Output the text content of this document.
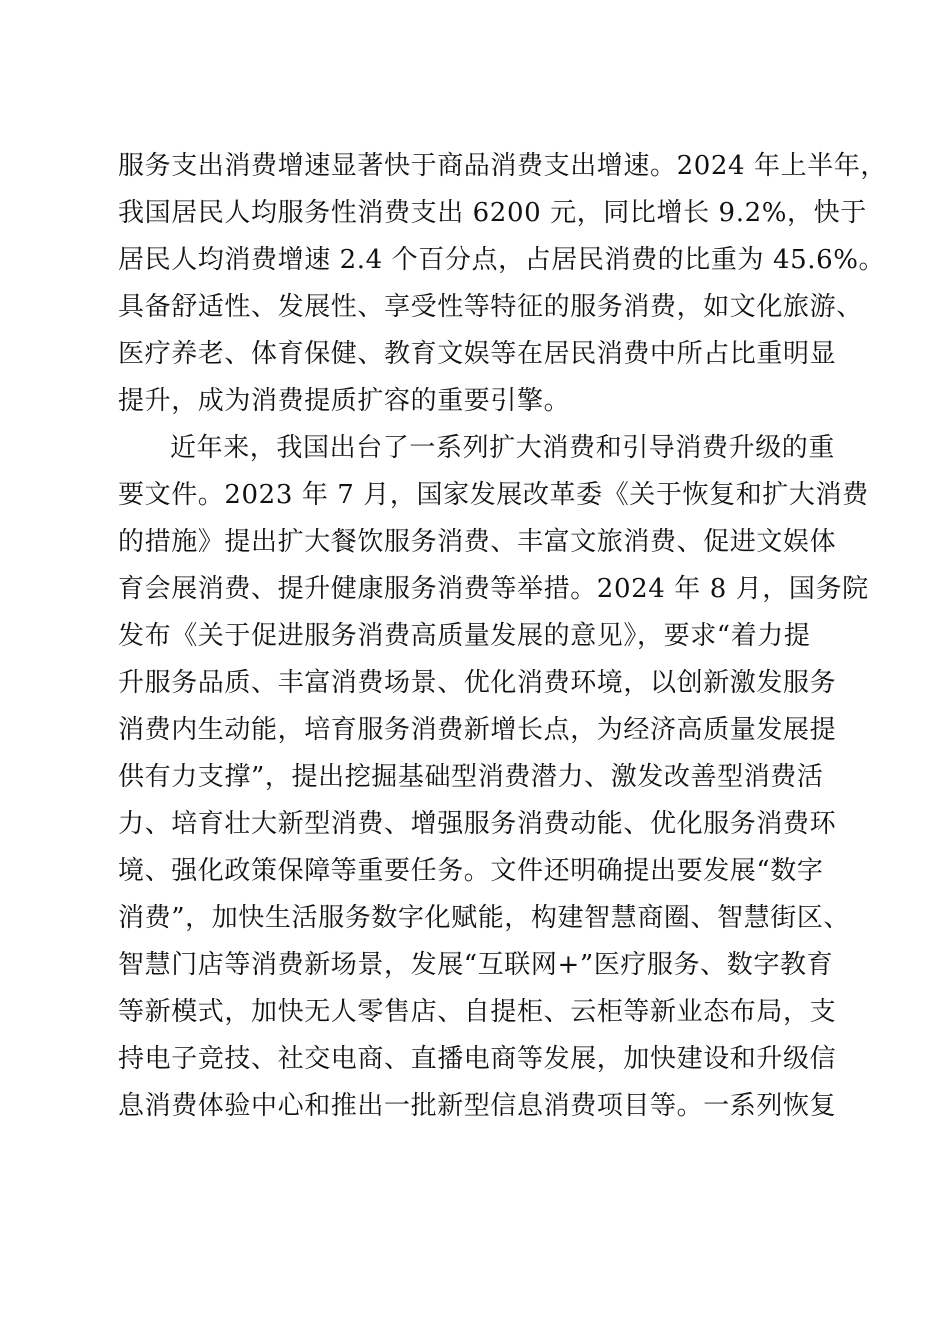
服务支出消费增速显著快于商品消费支出增速。2024 年上半年，
我国居民人均服务性消费支出 6200 元，同比增长 9.2%，快于
居民人均消费增速 2.4 个百分点，占居民消费的比重为 45.6%。
具备舒适性、发展性、享受性等特征的服务消费，如文化旅游、
医疗养老、体育保健、教育文娱等在居民消费中所占比重明显
提升，成为消费提质扩容的重要引擎。
近年来，我国出台了一系列扩大消费和引导消费升级的重
要文件。2023 年 7 月，国家发展改革委《关于恢复和扩大消费
的措施》提出扩大餐饮服务消费、丰富文旅消费、促进文娱体
育会展消费、提升健康服务消费等举措。2024 年 8 月，国务院
发布《关于促进服务消费高质量发展的意见》，要求“着力提
升服务品质、丰富消费场景、优化消费环境，以创新激发服务
消费内生动能，培育服务消费新增长点，为经济高质量发展提
供有力支撑”，提出挖掘基础型消费潜力、激发改善型消费活
力、培育壮大新型消费、增强服务消费动能、优化服务消费环
境、强化政策保障等重要任务。文件还明确提出要发展“数字
消费”，加快生活服务数字化赋能，构建智慧商圈、智慧街区、
智慧门店等消费新场景，发展“互联网+”医疗服务、数字教育
等新模式，加快无人零售店、自提柜、云柜等新业态布局，支
持电子竞技、社交电商、直播电商等发展，加快建设和升级信
息消费体验中心和推出一批新型信息消费项目等。一系列恢复
